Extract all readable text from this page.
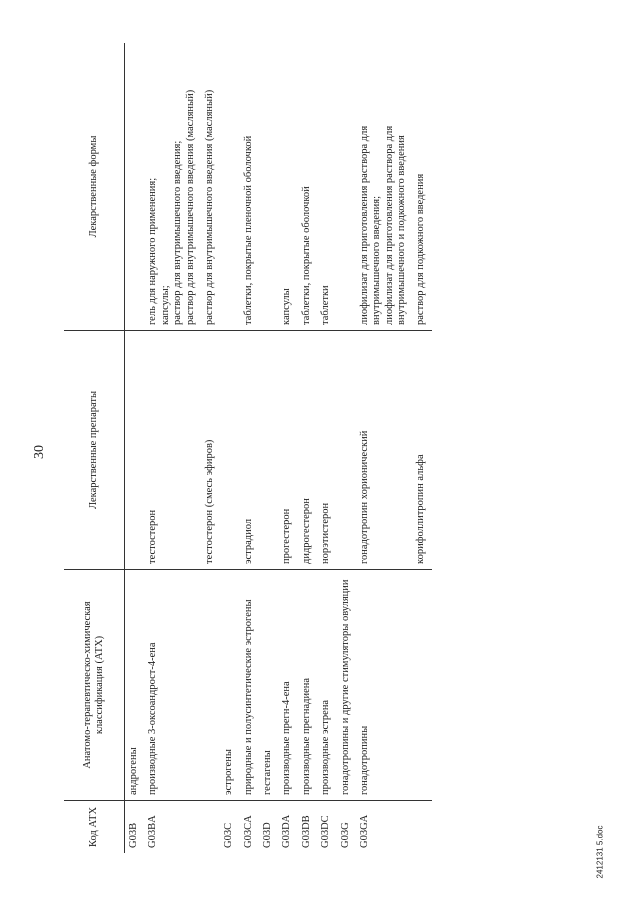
30
Код АТХ	Анатомо-терапевтическо-химическая классификация (АТХ)	Лекарственные препараты	Лекарственные формы
G03B	андрогены		
G03BA	производные 3-оксоандрост-4-ена	тестостерон	гель для наружного применения; капсулы; раствор для внутримышечного введения; раствор для внутримышечного введения (масляный)

		тестостерон (смесь эфиров)	раствор для внутримышечного введения (масляный)

G03C	эстрогены		
G03CA	природные и полусинтетические эстрогены	эстрадиол	таблетки, покрытые пленочной оболочкой

G03D	гестагены		
G03DA	производные прегн-4-ена	прогестерон	капсулы

G03DB	производные прегнадиена	дидрогестерон	таблетки, покрытые оболочкой

G03DC	производные эстрена	норэтистерон	таблетки

G03G	гонадотропины и другие стимуляторы овуляции		
G03GA	гонадотропины	гонадотропин хорионический	лиофилизат для приготовления раствора для внутримышечного введения; лиофилизат для приготовления раствора для внутримышечного и подкожного введения

		корифоллитропин альфа	раствор для подкожного введения
2412131 5.doc
